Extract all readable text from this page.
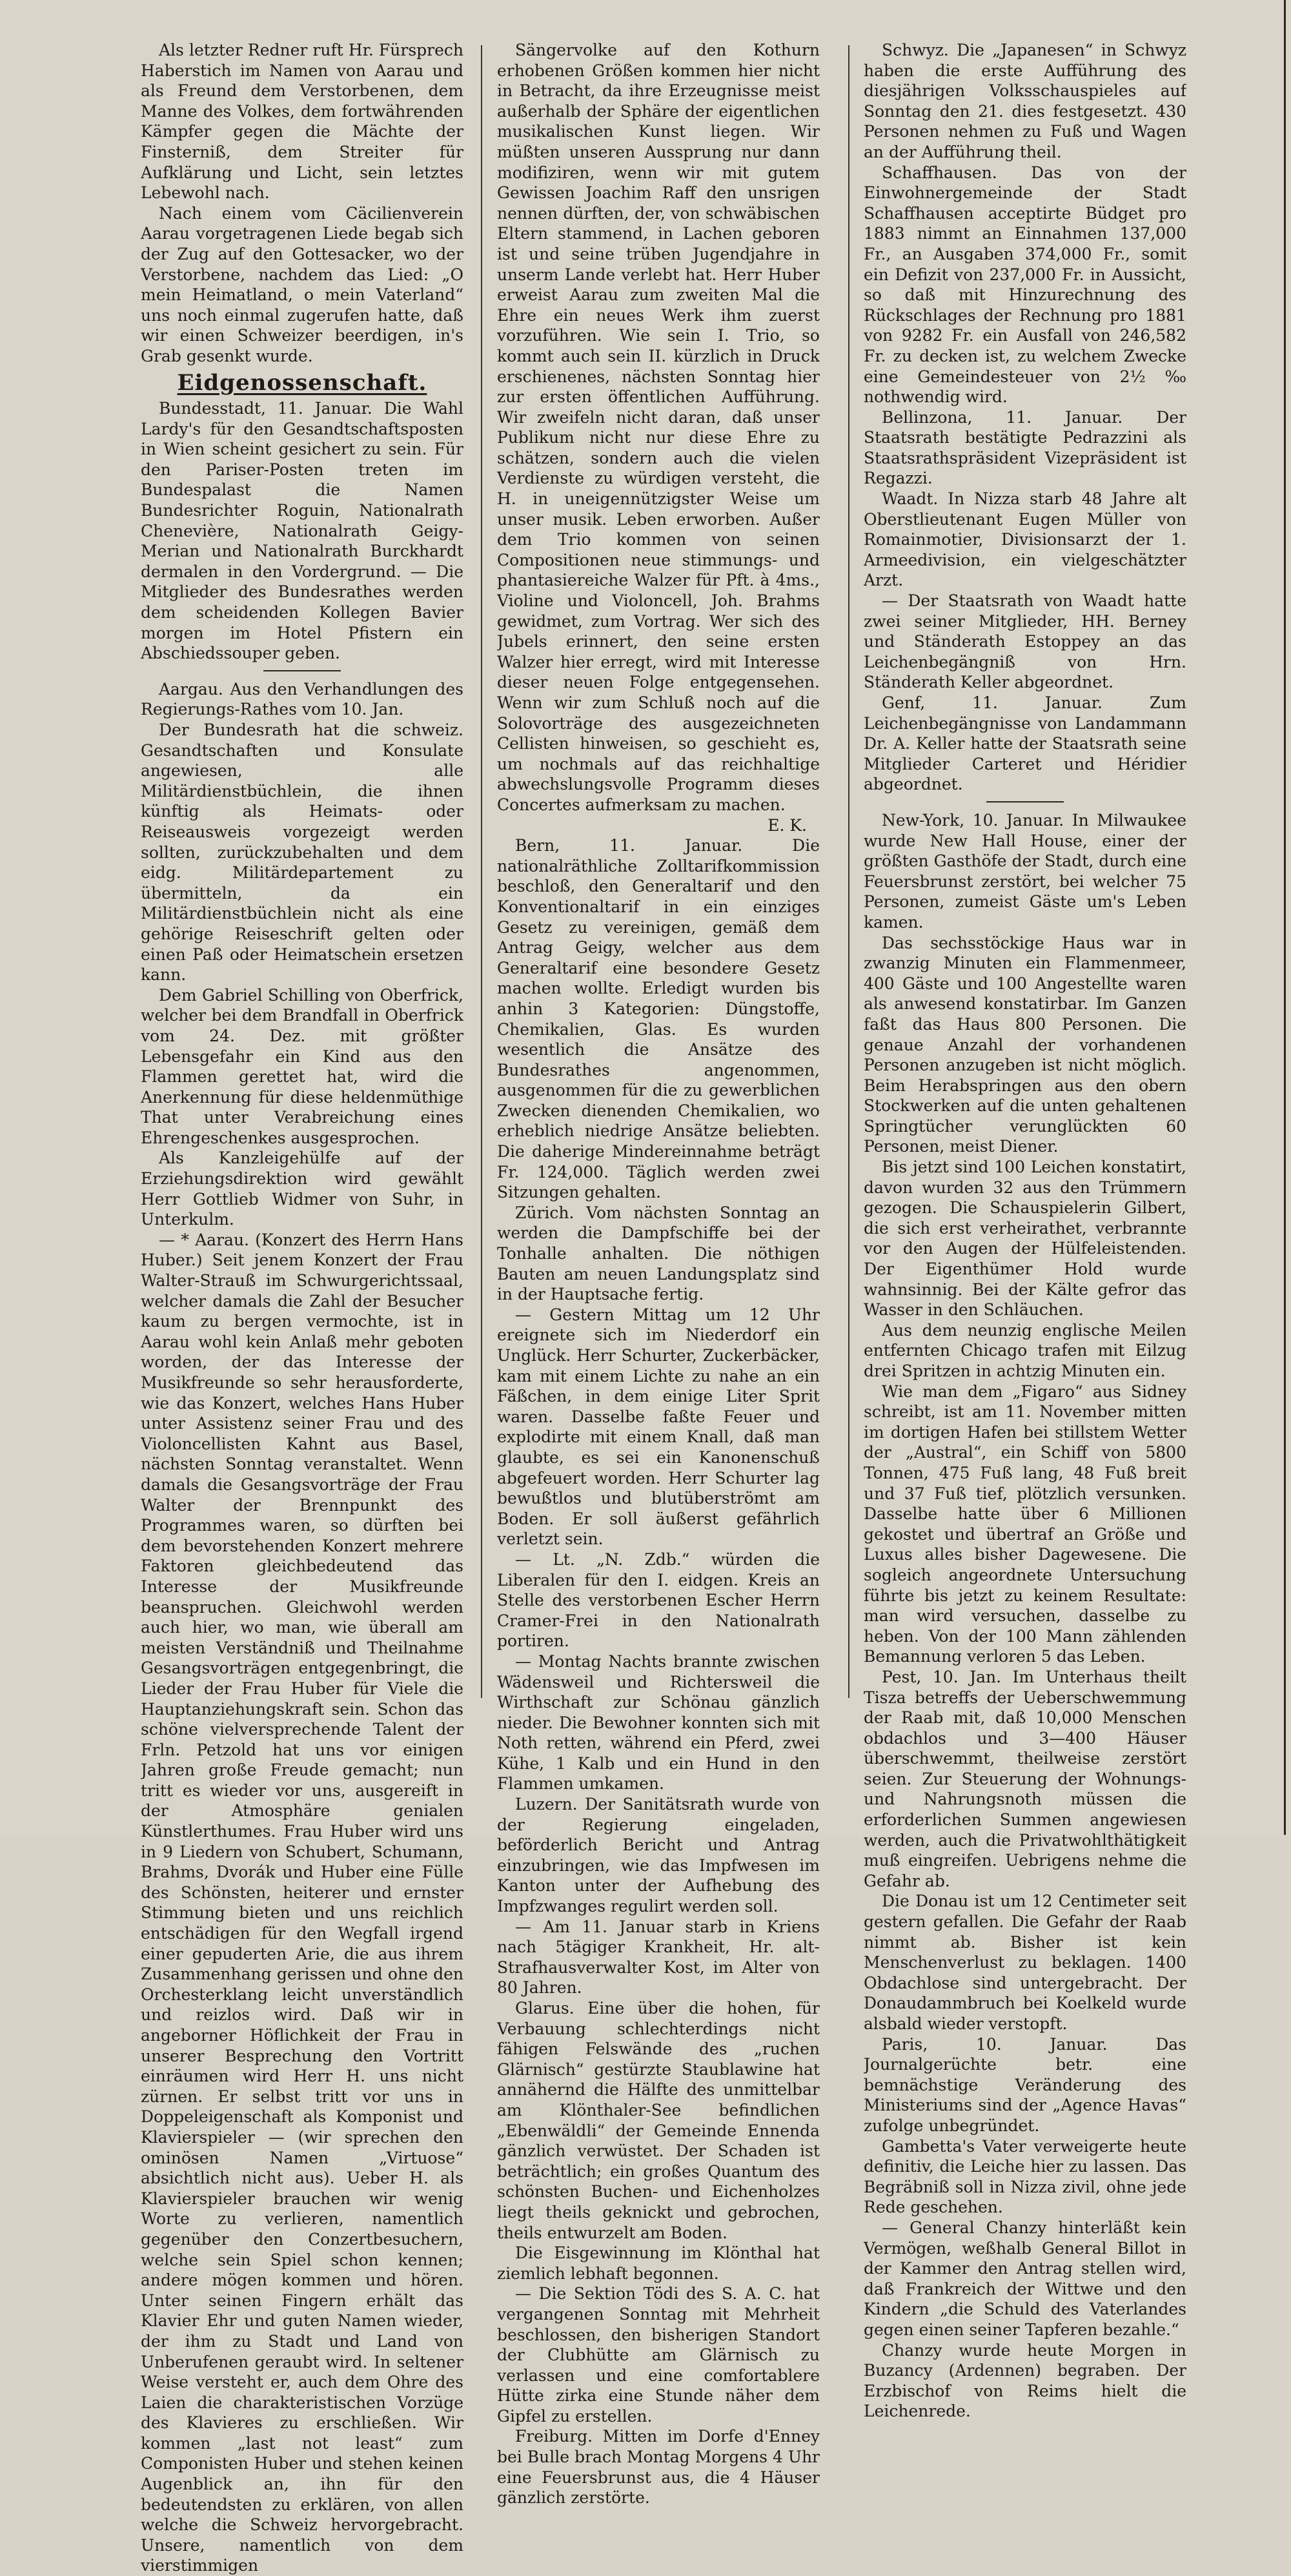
Als letzter Redner ruft Hr. Fürsprech Haberstich im Namen von Aarau und als Freund dem Verstorbenen, dem Manne des Volkes, dem fortwährenden Kämpfer gegen die Mächte der Finsterniß, dem Streiter für Aufklärung und Licht, sein letztes Lebewohl nach.

Nach einem vom Cäcilienverein Aarau vorgetragenen Liede begab sich der Zug auf den Gottesacker, wo der Verstorbene, nachdem das Lied: „O mein Heimatland, o mein Vaterland“ uns noch einmal zugerufen hatte, daß wir einen Schweizer beerdigen, in's Grab gesenkt wurde.

Eidgenossenschaft.

Bundesstadt, 11. Januar. Die Wahl Lardy's für den Gesandtschaftsposten in Wien scheint gesichert zu sein. Für den Pariser-Posten treten im Bundespalast die Namen Bundesrichter Roguin, Nationalrath Chenevière, Nationalrath Geigy-Merian und Nationalrath Burckhardt dermalen in den Vordergrund. — Die Mitglieder des Bundesrathes werden dem scheidenden Kollegen Bavier morgen im Hotel Pfistern ein Abschiedssouper geben.

Aargau. Aus den Verhandlungen des Regierungs-Rathes vom 10. Jan.

Der Bundesrath hat die schweiz. Gesandtschaften und Konsulate angewiesen, alle Militärdienstbüchlein, die ihnen künftig als Heimats- oder Reiseausweis vorgezeigt werden sollten, zurückzubehalten und dem eidg. Militärdepartement zu übermitteln, da ein Militärdienstbüchlein nicht als eine gehörige Reiseschrift gelten oder einen Paß oder Heimatschein ersetzen kann.

Dem Gabriel Schilling von Oberfrick, welcher bei dem Brandfall in Oberfrick vom 24. Dez. mit größter Lebensgefahr ein Kind aus den Flammen gerettet hat, wird die Anerkennung für diese heldenmüthige That unter Verabreichung eines Ehrengeschenkes ausgesprochen.

Als Kanzleigehülfe auf der Erziehungsdirektion wird gewählt Herr Gottlieb Widmer von Suhr, in Unterkulm.

— * Aarau. (Konzert des Herrn Hans Huber.) Seit jenem Konzert der Frau Walter-Strauß im Schwurgerichtssaal, welcher damals die Zahl der Besucher kaum zu bergen vermochte, ist in Aarau wohl kein Anlaß mehr geboten worden, der das Interesse der Musikfreunde so sehr herausforderte, wie das Konzert, welches Hans Huber unter Assistenz seiner Frau und des Violoncellisten Kahnt aus Basel, nächsten Sonntag veranstaltet. Wenn damals die Gesangsvorträge der Frau Walter der Brennpunkt des Programmes waren, so dürften bei dem bevorstehenden Konzert mehrere Faktoren gleichbedeutend das Interesse der Musikfreunde beanspruchen. Gleichwohl werden auch hier, wo man, wie überall am meisten Verständniß und Theilnahme Gesangsvorträgen entgegenbringt, die Lieder der Frau Huber für Viele die Hauptanziehungskraft sein. Schon das schöne vielversprechende Talent der Frln. Petzold hat uns vor einigen Jahren große Freude gemacht; nun tritt es wieder vor uns, ausgereift in der Atmosphäre genialen Künstlerthumes. Frau Huber wird uns in 9 Liedern von Schubert, Schumann, Brahms, Dvorák und Huber eine Fülle des Schönsten, heiterer und ernster Stimmung bieten und uns reichlich entschädigen für den Wegfall irgend einer gepuderten Arie, die aus ihrem Zusammenhang gerissen und ohne den Orchesterklang leicht unverständlich und reizlos wird. Daß wir in angeborner Höflichkeit der Frau in unserer Besprechung den Vortritt einräumen wird Herr H. uns nicht zürnen. Er selbst tritt vor uns in Doppeleigenschaft als Komponist und Klavierspieler — (wir sprechen den ominösen Namen „Virtuose“ absichtlich nicht aus). Ueber H. als Klavierspieler brauchen wir wenig Worte zu verlieren, namentlich gegenüber den Conzertbesuchern, welche sein Spiel schon kennen; andere mögen kommen und hören. Unter seinen Fingern erhält das Klavier Ehr und guten Namen wieder, der ihm zu Stadt und Land von Unberufenen geraubt wird. In seltener Weise versteht er, auch dem Ohre des Laien die charakteristischen Vorzüge des Klavieres zu erschließen. Wir kommen „last not least“ zum Componisten Huber und stehen keinen Augenblick an, ihn für den bedeutendsten zu erklären, von allen welche die Schweiz hervorgebracht. Unsere, namentlich von dem vierstimmigen

Sängervolke auf den Kothurn erhobenen Größen kommen hier nicht in Betracht, da ihre Erzeugnisse meist außerhalb der Sphäre der eigentlichen musikalischen Kunst liegen. Wir müßten unseren Aussprung nur dann modifiziren, wenn wir mit gutem Gewissen Joachim Raff den unsrigen nennen dürften, der, von schwäbischen Eltern stammend, in Lachen geboren ist und seine trüben Jugendjahre in unserm Lande verlebt hat. Herr Huber erweist Aarau zum zweiten Mal die Ehre ein neues Werk ihm zuerst vorzuführen. Wie sein I. Trio, so kommt auch sein II. kürzlich in Druck erschienenes, nächsten Sonntag hier zur ersten öffentlichen Aufführung. Wir zweifeln nicht daran, daß unser Publikum nicht nur diese Ehre zu schätzen, sondern auch die vielen Verdienste zu würdigen versteht, die H. in uneigennützigster Weise um unser musik. Leben erworben. Außer dem Trio kommen von seinen Compositionen neue stimmungs- und phantasiereiche Walzer für Pft. à 4ms., Violine und Violoncell, Joh. Brahms gewidmet, zum Vortrag. Wer sich des Jubels erinnert, den seine ersten Walzer hier erregt, wird mit Interesse dieser neuen Folge entgegensehen. Wenn wir zum Schluß noch auf die Solovorträge des ausgezeichneten Cellisten hinweisen, so geschieht es, um nochmals auf das reichhaltige abwechslungsvolle Programm dieses Concertes aufmerksam zu machen.

E. K.

Bern, 11. Januar. Die nationalräthliche Zolltarifkommission beschloß, den Generaltarif und den Konventionaltarif in ein einziges Gesetz zu vereinigen, gemäß dem Antrag Geigy, welcher aus dem Generaltarif eine besondere Gesetz machen wollte. Erledigt wurden bis anhin 3 Kategorien: Düngstoffe, Chemikalien, Glas. Es wurden wesentlich die Ansätze des Bundesrathes angenommen, ausgenommen für die zu gewerblichen Zwecken dienenden Chemikalien, wo erheblich niedrige Ansätze beliebten. Die daherige Mindereinnahme beträgt Fr. 124,000. Täglich werden zwei Sitzungen gehalten.

Zürich. Vom nächsten Sonntag an werden die Dampfschiffe bei der Tonhalle anhalten. Die nöthigen Bauten am neuen Landungsplatz sind in der Hauptsache fertig.

— Gestern Mittag um 12 Uhr ereignete sich im Niederdorf ein Unglück. Herr Schurter, Zuckerbäcker, kam mit einem Lichte zu nahe an ein Fäßchen, in dem einige Liter Sprit waren. Dasselbe faßte Feuer und explodirte mit einem Knall, daß man glaubte, es sei ein Kanonenschuß abgefeuert worden. Herr Schurter lag bewußtlos und blutüberströmt am Boden. Er soll äußerst gefährlich verletzt sein.

— Lt. „N. Zdb.“ würden die Liberalen für den I. eidgen. Kreis an Stelle des verstorbenen Escher Herrn Cramer-Frei in den Nationalrath portiren.

— Montag Nachts brannte zwischen Wädensweil und Richtersweil die Wirthschaft zur Schönau gänzlich nieder. Die Bewohner konnten sich mit Noth retten, während ein Pferd, zwei Kühe, 1 Kalb und ein Hund in den Flammen umkamen.

Luzern. Der Sanitätsrath wurde von der Regierung eingeladen, beförderlich Bericht und Antrag einzubringen, wie das Impfwesen im Kanton unter der Aufhebung des Impfzwanges regulirt werden soll.

— Am 11. Januar starb in Kriens nach 5tägiger Krankheit, Hr. alt-Strafhausverwalter Kost, im Alter von 80 Jahren.

Glarus. Eine über die hohen, für Verbauung schlechterdings nicht fähigen Felswände des „ruchen Glärnisch“ gestürzte Staublawine hat annähernd die Hälfte des unmittelbar am Klönthaler-See befindlichen „Ebenwäldli“ der Gemeinde Ennenda gänzlich verwüstet. Der Schaden ist beträchtlich; ein großes Quantum des schönsten Buchen- und Eichenholzes liegt theils geknickt und gebrochen, theils entwurzelt am Boden.

Die Eisgewinnung im Klönthal hat ziemlich lebhaft begonnen.

— Die Sektion Tödi des S. A. C. hat vergangenen Sonntag mit Mehrheit beschlossen, den bisherigen Standort der Clubhütte am Glärnisch zu verlassen und eine comfortablere Hütte zirka eine Stunde näher dem Gipfel zu erstellen.

Freiburg. Mitten im Dorfe d'Enney bei Bulle brach Montag Morgens 4 Uhr eine Feuersbrunst aus, die 4 Häuser gänzlich zerstörte.

Schwyz. Die „Japanesen“ in Schwyz haben die erste Aufführung des diesjährigen Volksschauspieles auf Sonntag den 21. dies festgesetzt. 430 Personen nehmen zu Fuß und Wagen an der Aufführung theil.

Schaffhausen. Das von der Einwohnergemeinde der Stadt Schaffhausen acceptirte Büdget pro 1883 nimmt an Einnahmen 137,000 Fr., an Ausgaben 374,000 Fr., somit ein Defizit von 237,000 Fr. in Aussicht, so daß mit Hinzurechnung des Rückschlages der Rechnung pro 1881 von 9282 Fr. ein Ausfall von 246,582 Fr. zu decken ist, zu welchem Zwecke eine Gemeindesteuer von 2½ ‰ nothwendig wird.

Bellinzona, 11. Januar. Der Staatsrath bestätigte Pedrazzini als Staatsrathspräsident Vizepräsident ist Regazzi.

Waadt. In Nizza starb 48 Jahre alt Oberstlieutenant Eugen Müller von Romainmotier, Divisionsarzt der 1. Armeedivision, ein vielgeschätzter Arzt.

— Der Staatsrath von Waadt hatte zwei seiner Mitglieder, HH. Berney und Ständerath Estoppey an das Leichenbegängniß von Hrn. Ständerath Keller abgeordnet.

Genf, 11. Januar. Zum Leichenbegängnisse von Landammann Dr. A. Keller hatte der Staatsrath seine Mitglieder Carteret und Héridier abgeordnet.

New-York, 10. Januar. In Milwaukee wurde New Hall House, einer der größten Gasthöfe der Stadt, durch eine Feuersbrunst zerstört, bei welcher 75 Personen, zumeist Gäste um's Leben kamen.

Das sechsstöckige Haus war in zwanzig Minuten ein Flammenmeer, 400 Gäste und 100 Angestellte waren als anwesend konstatirbar. Im Ganzen faßt das Haus 800 Personen. Die genaue Anzahl der vorhandenen Personen anzugeben ist nicht möglich. Beim Herabspringen aus den obern Stockwerken auf die unten gehaltenen Springtücher verunglückten 60 Personen, meist Diener.

Bis jetzt sind 100 Leichen konstatirt, davon wurden 32 aus den Trümmern gezogen. Die Schauspielerin Gilbert, die sich erst verheirathet, verbrannte vor den Augen der Hülfeleistenden. Der Eigenthümer Hold wurde wahnsinnig. Bei der Kälte gefror das Wasser in den Schläuchen.

Aus dem neunzig englische Meilen entfernten Chicago trafen mit Eilzug drei Spritzen in achtzig Minuten ein.

Wie man dem „Figaro“ aus Sidney schreibt, ist am 11. November mitten im dortigen Hafen bei stillstem Wetter der „Austral“, ein Schiff von 5800 Tonnen, 475 Fuß lang, 48 Fuß breit und 37 Fuß tief, plötzlich versunken. Dasselbe hatte über 6 Millionen gekostet und übertraf an Größe und Luxus alles bisher Dagewesene. Die sogleich angeordnete Untersuchung führte bis jetzt zu keinem Resultate: man wird versuchen, dasselbe zu heben. Von der 100 Mann zählenden Bemannung verloren 5 das Leben.

Pest, 10. Jan. Im Unterhaus theilt Tisza betreffs der Ueberschwemmung der Raab mit, daß 10,000 Menschen obdachlos und 3—400 Häuser überschwemmt, theilweise zerstört seien. Zur Steuerung der Wohnungs- und Nahrungsnoth müssen die erforderlichen Summen angewiesen werden, auch die Privatwohlthätigkeit muß eingreifen. Uebrigens nehme die Gefahr ab.

Die Donau ist um 12 Centimeter seit gestern gefallen. Die Gefahr der Raab nimmt ab. Bisher ist kein Menschenverlust zu beklagen. 1400 Obdachlose sind untergebracht. Der Donaudammbruch bei Koelkeld wurde alsbald wieder verstopft.

Paris, 10. Januar. Das Journalgerüchte betr. eine bemnächstige Veränderung des Ministeriums sind der „Agence Havas“ zufolge unbegründet.

Gambetta's Vater verweigerte heute definitiv, die Leiche hier zu lassen. Das Begräbniß soll in Nizza zivil, ohne jede Rede geschehen.

— General Chanzy hinterläßt kein Vermögen, weßhalb General Billot in der Kammer den Antrag stellen wird, daß Frankreich der Wittwe und den Kindern „die Schuld des Vaterlandes gegen einen seiner Tapferen bezahle.“

Chanzy wurde heute Morgen in Buzancy (Ardennen) begraben. Der Erzbischof von Reims hielt die Leichenrede.
